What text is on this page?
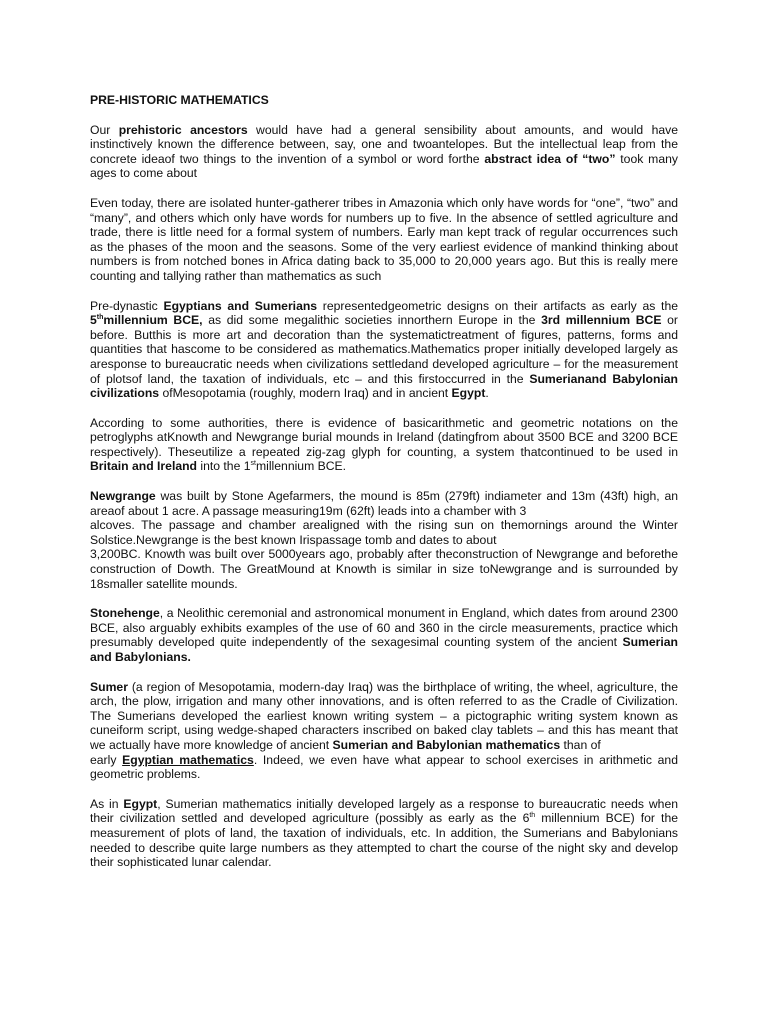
PRE-HISTORIC MATHEMATICS
Our prehistoric ancestors would have had a general sensibility about amounts, and would have instinctively known the difference between, say, one and twoantelopes. But the intellectual leap from the concrete ideaof two things to the invention of a symbol or word forthe abstract idea of “two” took many ages to come about
Even today, there are isolated hunter-gatherer tribes in Amazonia which only have words for “one”, “two” and “many”, and others which only have words for numbers up to five. In the absence of settled agriculture and trade, there is little need for a formal system of numbers. Early man kept track of regular occurrences such as the phases of the moon and the seasons. Some of the very earliest evidence of mankind thinking about numbers is from notched bones in Africa dating back to 35,000 to 20,000 years ago. But this is really mere counting and tallying rather than mathematics as such
Pre-dynastic Egyptians and Sumerians representedgeometric designs on their artifacts as early as the 5thmillennium BCE, as did some megalithic societies innorthern Europe in the 3rd millennium BCE or before. Butthis is more art and decoration than the systematictreatment of figures, patterns, forms and quantities that hascome to be considered as mathematics.Mathematics proper initially developed largely as aresponse to bureaucratic needs when civilizations settledand developed agriculture – for the measurement of plotsof land, the taxation of individuals, etc – and this firstoccurred in the Sumerianand Babylonian civilizations ofMesopotamia (roughly, modern Iraq) and in ancient Egypt.
According to some authorities, there is evidence of basicarithmetic and geometric notations on the petroglyphs atKnowth and Newgrange burial mounds in Ireland (datingfrom about 3500 BCE and 3200 BCE respectively). Theseutilize a repeated zig-zag glyph for counting, a system thatcontinued to be used in Britain and Ireland into the 1stmillennium BCE.
Newgrange was built by Stone Agefarmers, the mound is 85m (279ft) indiameter and 13m (43ft) high, an areaof about 1 acre. A passage measuring19m (62ft) leads into a chamber with 3
alcoves. The passage and chamber arealigned with the rising sun on themornings around the Winter Solstice.Newgrange is the best known Irispassage tomb and dates to about
3,200BC. Knowth was built over 5000years ago, probably after theconstruction of Newgrange and beforethe construction of Dowth. The GreatMound at Knowth is similar in size toNewgrange and is surrounded by 18smaller satellite mounds.
Stonehenge, a Neolithic ceremonial and astronomical monument in England, which dates from around 2300 BCE, also arguably exhibits examples of the use of 60 and 360 in the circle measurements, practice which presumably developed quite independently of the sexagesimal counting system of the ancient Sumerian and Babylonians.
Sumer (a region of Mesopotamia, modern-day Iraq) was the birthplace of writing, the wheel, agriculture, the arch, the plow, irrigation and many other innovations, and is often referred to as the Cradle of Civilization. The Sumerians developed the earliest known writing system – a pictographic writing system known as cuneiform script, using wedge-shaped characters inscribed on baked clay tablets – and this has meant that we actually have more knowledge of ancient Sumerian and Babylonian mathematics than of
early Egyptian mathematics. Indeed, we even have what appear to school exercises in arithmetic and geometric problems.
As in Egypt, Sumerian mathematics initially developed largely as a response to bureaucratic needs when their civilization settled and developed agriculture (possibly as early as the 6th millennium BCE) for the measurement of plots of land, the taxation of individuals, etc. In addition, the Sumerians and Babylonians needed to describe quite large numbers as they attempted to chart the course of the night sky and develop their sophisticated lunar calendar.
